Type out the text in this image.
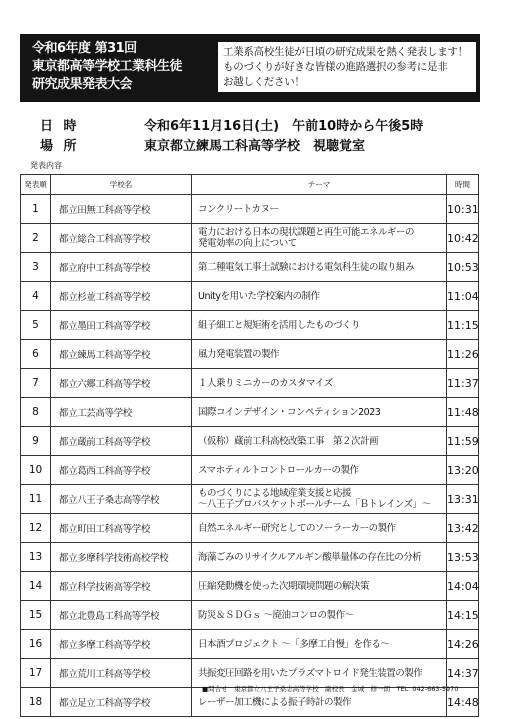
令和6年度 第31回
東京都高等学校工業科生徒
研究成果発表大会
工業系高校生徒が日頃の研究成果を熱く発表します！
ものづくりが好きな皆様の進路選択の参考に是非
お越しください！
日 時	令和6年11月16日(土)　午前10時から午後5時
場 所	東京都立練馬工科高等学校　視聴覚室
発表内容
発表順	学校名	テーマ	時間
1	都立田無工科高等学校	コンクリートカヌー	10:31
2	都立総合工科高等学校	電力における日本の現状課題と再生可能エネルギーの
発電効率の向上について	10:42
3	都立府中工科高等学校	第二種電気工事士試験における電気科生徒の取り組み	10:53
4	都立杉並工科高等学校	Unityを用いた学校案内の制作	11:04
5	都立墨田工科高等学校	組子細工と規矩術を活用したものづくり	11:15
6	都立練馬工科高等学校	風力発電装置の製作	11:26
7	都立六郷工科高等学校	１人乗りミニカーのカスタマイズ	11:37
8	都立工芸高等学校	国際コインデザイン・コンペティション2023	11:48
9	都立蔵前工科高等学校	（仮称）蔵前工科高校改築工事　第２次計画	11:59
10	都立葛西工科高等学校	スマホティルトコントロールカーの製作	13:20
11	都立八王子桑志高等学校	ものづくりによる地域産業支援と応援
～八王子プロバスケットボールチーム「Ｂトレインズ」～	13:31
12	都立町田工科高等学校	自然エネルギー研究としてのソーラーカーの製作	13:42
13	都立多摩科学技術高校学校	海藻ごみのリサイクルアルギン酸単量体の存在比の分析	13:53
14	都立科学技術高等学校	圧縮発動機を使った次期環境問題の解決策	14:04
15	都立北豊島工科高等学校	防災＆ＳＤＧｓ ～廃油コンロの製作～	14:15
16	都立多摩工科高等学校	日本酒プロジェクト ～「多摩工自慢」を作る～	14:26
17	都立荒川工科高等学校	共振変圧回路を用いたプラズマトロイド発生装置の製作	14:37
18	都立足立工科高等学校	レーザー加工機による振子時計の製作	14:48
■問合せ　東京都立八王子桑志高等学校　副校長　金城　修一朗　TEL 042-663-5970
